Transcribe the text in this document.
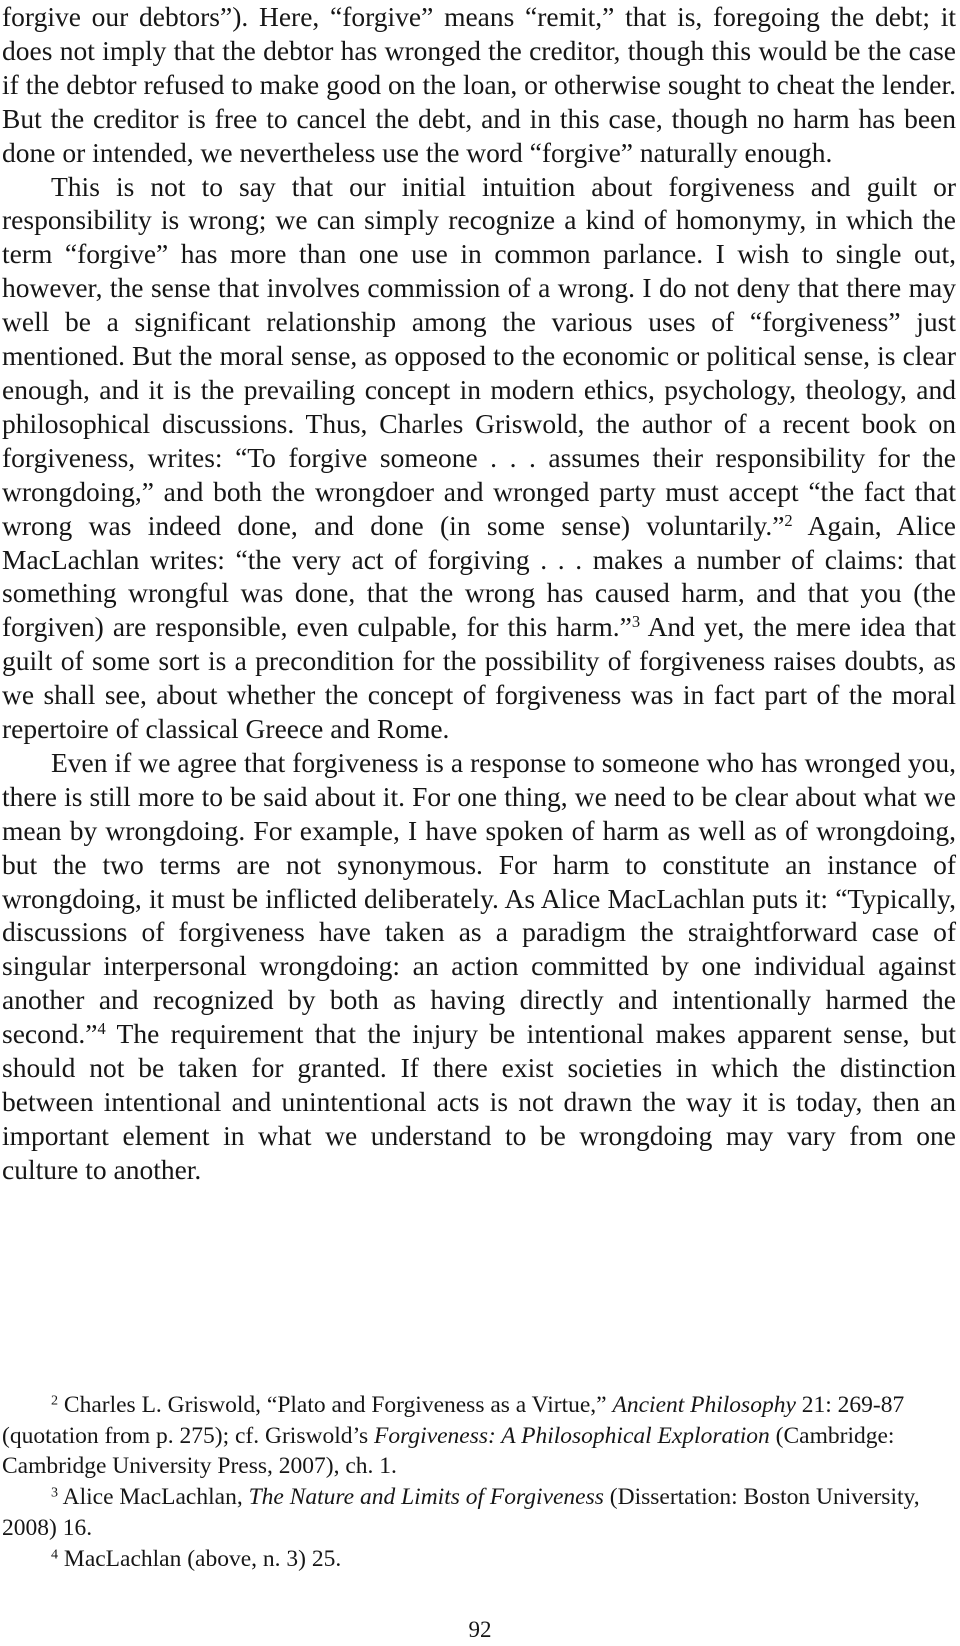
forgive our debtors”). Here, “forgive” means “remit,” that is, foregoing the debt; it does not imply that the debtor has wronged the creditor, though this would be the case if the debtor refused to make good on the loan, or otherwise sought to cheat the lender. But the creditor is free to cancel the debt, and in this case, though no harm has been done or intended, we nevertheless use the word “forgive” naturally enough.

This is not to say that our initial intuition about forgiveness and guilt or responsibility is wrong; we can simply recognize a kind of homonymy, in which the term “forgive” has more than one use in common parlance. I wish to single out, however, the sense that involves commission of a wrong. I do not deny that there may well be a significant relationship among the various uses of “forgiveness” just mentioned. But the moral sense, as opposed to the economic or political sense, is clear enough, and it is the prevailing concept in modern ethics, psychology, theology, and philosophical discussions. Thus, Charles Griswold, the author of a recent book on forgiveness, writes: “To forgive someone . . . assumes their responsibility for the wrongdoing,” and both the wrongdoer and wronged party must accept “the fact that wrong was indeed done, and done (in some sense) voluntarily.”$^2$ Again, Alice MacLachlan writes: “the very act of forgiving . . . makes a number of claims: that something wrongful was done, that the wrong has caused harm, and that you (the forgiven) are responsible, even culpable, for this harm.”$^3$ And yet, the mere idea that guilt of some sort is a precondition for the possibility of forgiveness raises doubts, as we shall see, about whether the concept of forgiveness was in fact part of the moral repertoire of classical Greece and Rome.

Even if we agree that forgiveness is a response to someone who has wronged you, there is still more to be said about it. For one thing, we need to be clear about what we mean by wrongdoing. For example, I have spoken of harm as well as of wrongdoing, but the two terms are not synonymous. For harm to constitute an instance of wrongdoing, it must be inflicted deliberately. As Alice MacLachlan puts it: “Typically, discussions of forgiveness have taken as a paradigm the straightforward case of singular interpersonal wrongdoing: an action committed by one individual against another and recognized by both as having directly and intentionally harmed the second.”$^4$ The requirement that the injury be intentional makes apparent sense, but should not be taken for granted. If there exist societies in which the distinction between intentional and unintentional acts is not drawn the way it is today, then an important element in what we understand to be wrongdoing may vary from one culture to another.

$^2$ Charles L. Griswold, “Plato and Forgiveness as a Virtue,” Ancient Philosophy 21: 269-87 (quotation from p. 275); cf. Griswold’s Forgiveness: A Philosophical Exploration (Cambridge: Cambridge University Press, 2007), ch. 1.

$^3$ Alice MacLachlan, The Nature and Limits of Forgiveness (Dissertation: Boston University, 2008) 16.

$^4$ MacLachlan (above, n. 3) 25.

92
